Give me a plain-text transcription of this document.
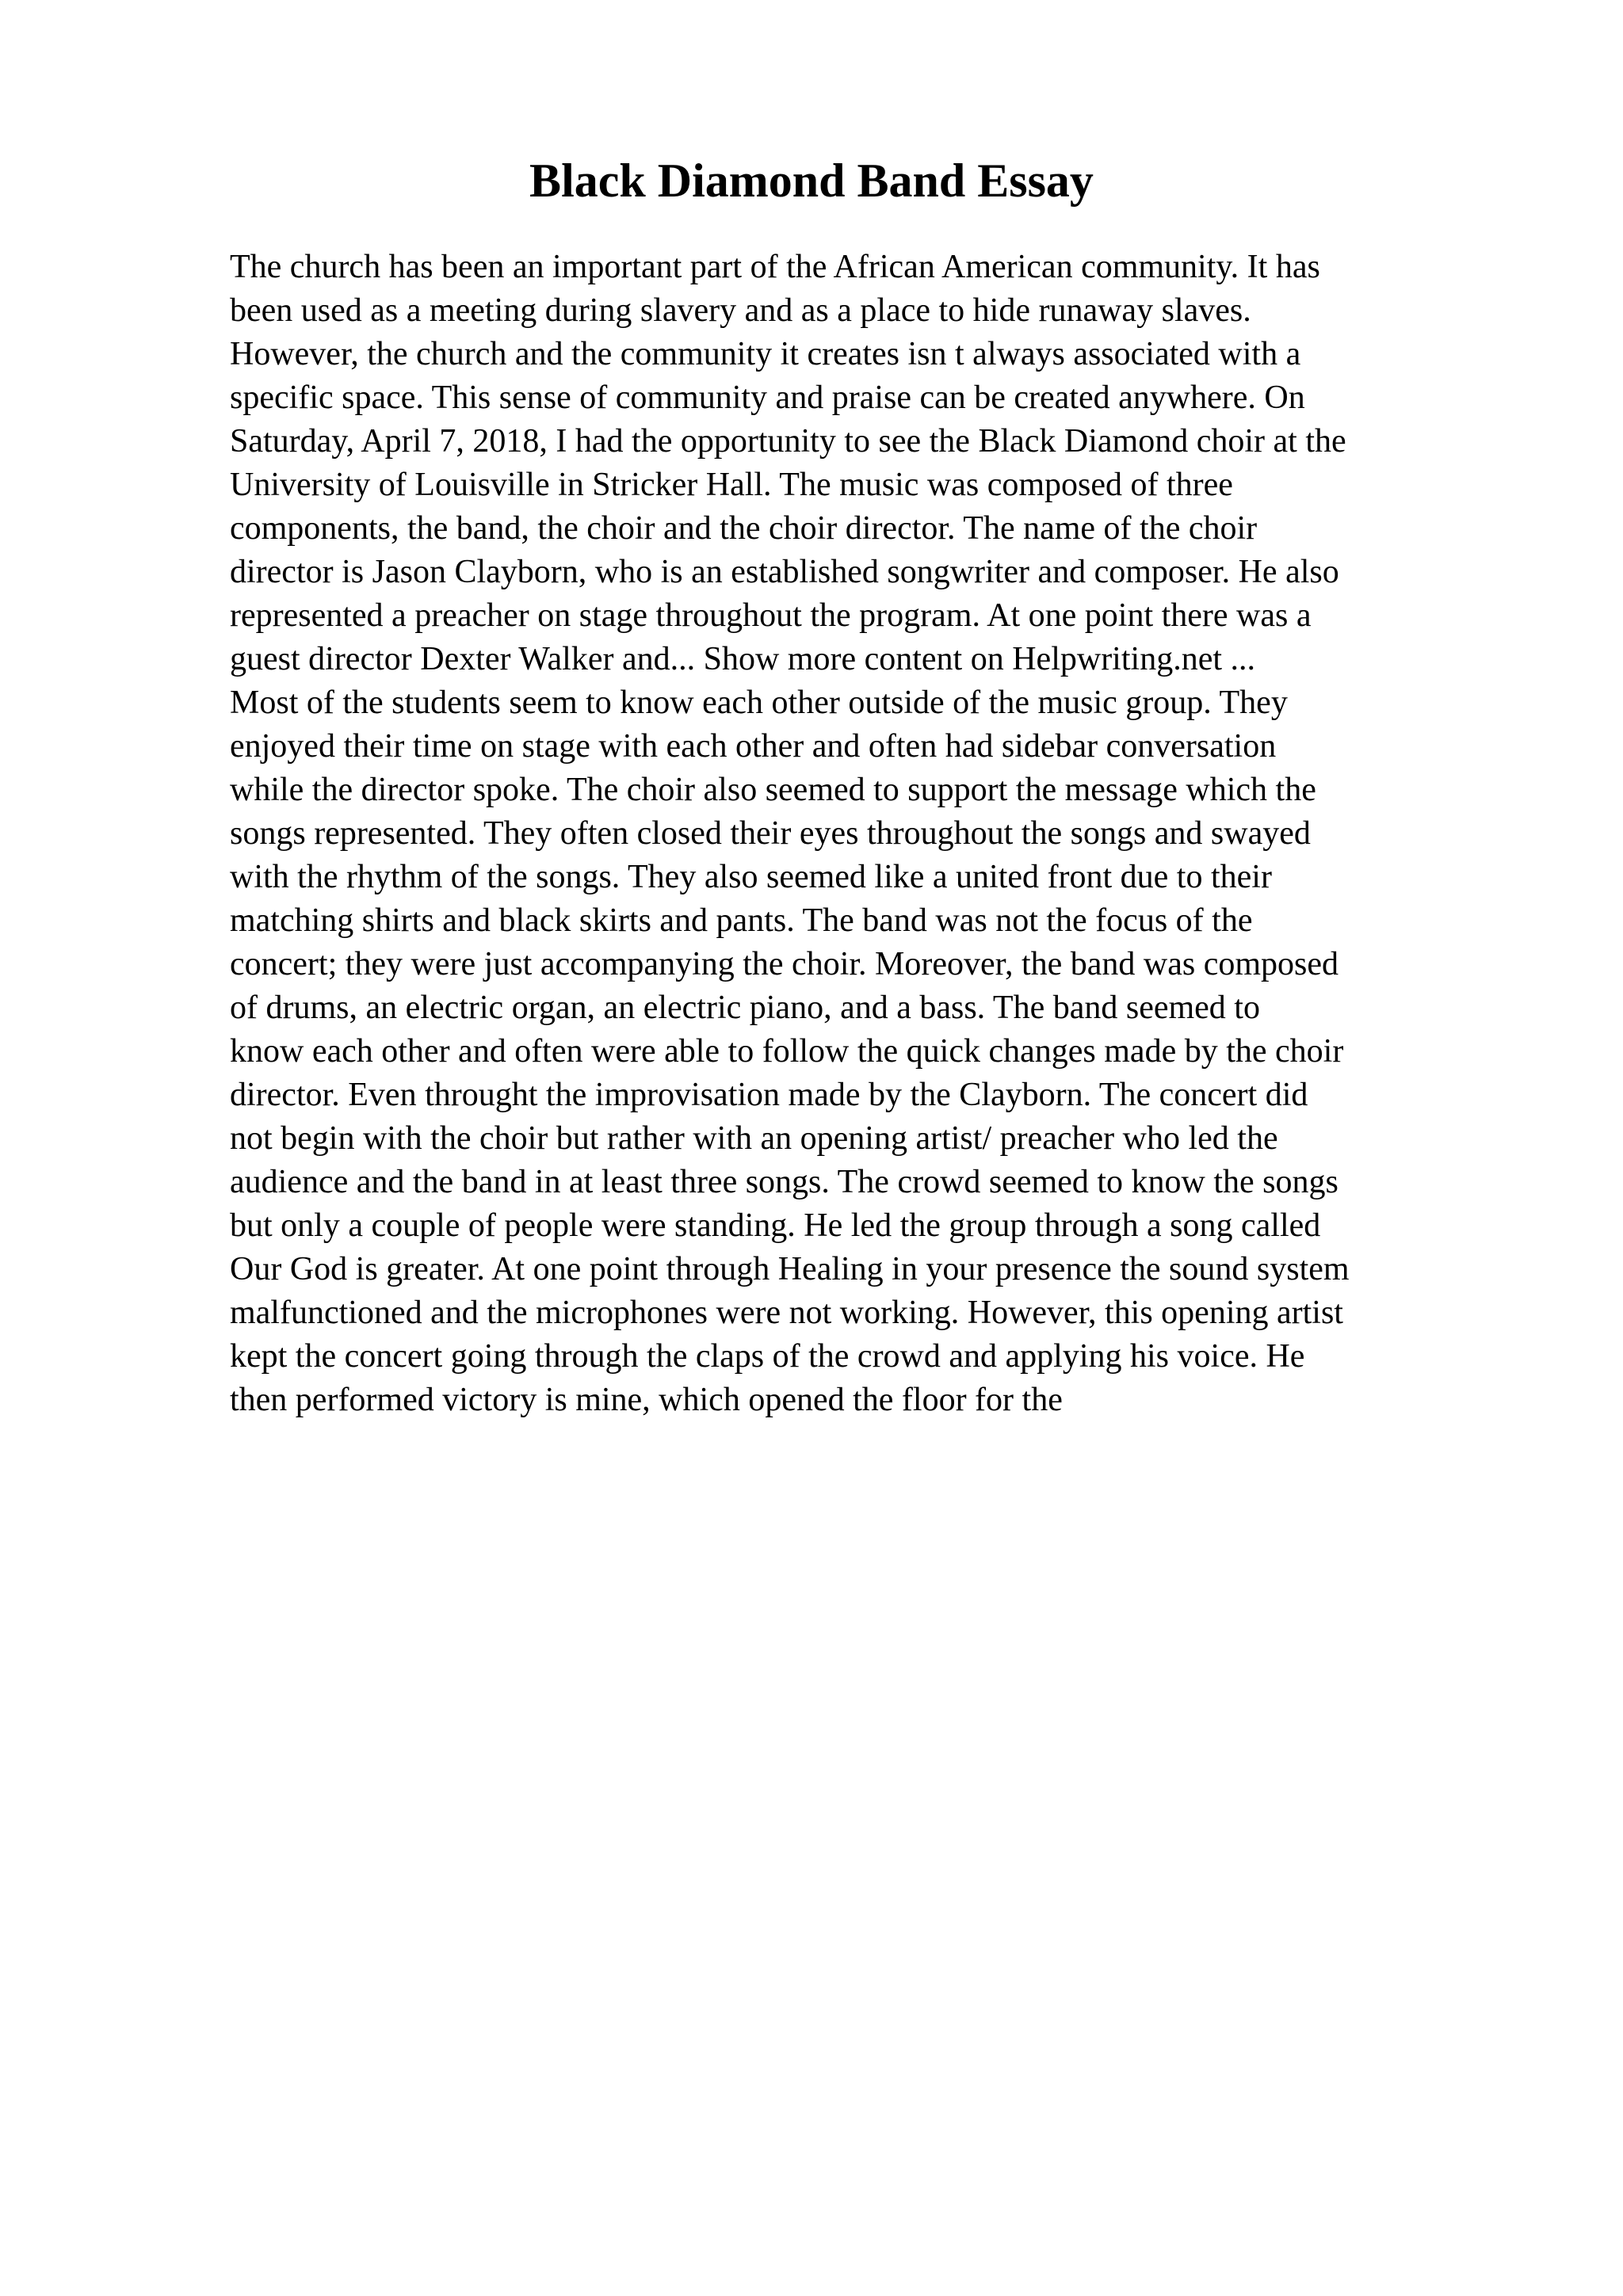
Black Diamond Band Essay
The church has been an important part of the African American community. It has
been used as a meeting during slavery and as a place to hide runaway slaves.
However, the church and the community it creates isn t always associated with a
specific space. This sense of community and praise can be created anywhere. On
Saturday, April 7, 2018, I had the opportunity to see the Black Diamond choir at the
University of Louisville in Stricker Hall. The music was composed of three
components, the band, the choir and the choir director. The name of the choir
director is Jason Clayborn, who is an established songwriter and composer. He also
represented a preacher on stage throughout the program. At one point there was a
guest director Dexter Walker and... Show more content on Helpwriting.net ...
Most of the students seem to know each other outside of the music group. They
enjoyed their time on stage with each other and often had sidebar conversation
while the director spoke. The choir also seemed to support the message which the
songs represented. They often closed their eyes throughout the songs and swayed
with the rhythm of the songs. They also seemed like a united front due to their
matching shirts and black skirts and pants. The band was not the focus of the
concert; they were just accompanying the choir. Moreover, the band was composed
of drums, an electric organ, an electric piano, and a bass. The band seemed to
know each other and often were able to follow the quick changes made by the choir
director. Even throught the improvisation made by the Clayborn. The concert did
not begin with the choir but rather with an opening artist/ preacher who led the
audience and the band in at least three songs. The crowd seemed to know the songs
but only a couple of people were standing. He led the group through a song called
Our God is greater. At one point through Healing in your presence the sound system
malfunctioned and the microphones were not working. However, this opening artist
kept the concert going through the claps of the crowd and applying his voice. He
then performed victory is mine, which opened the floor for the
